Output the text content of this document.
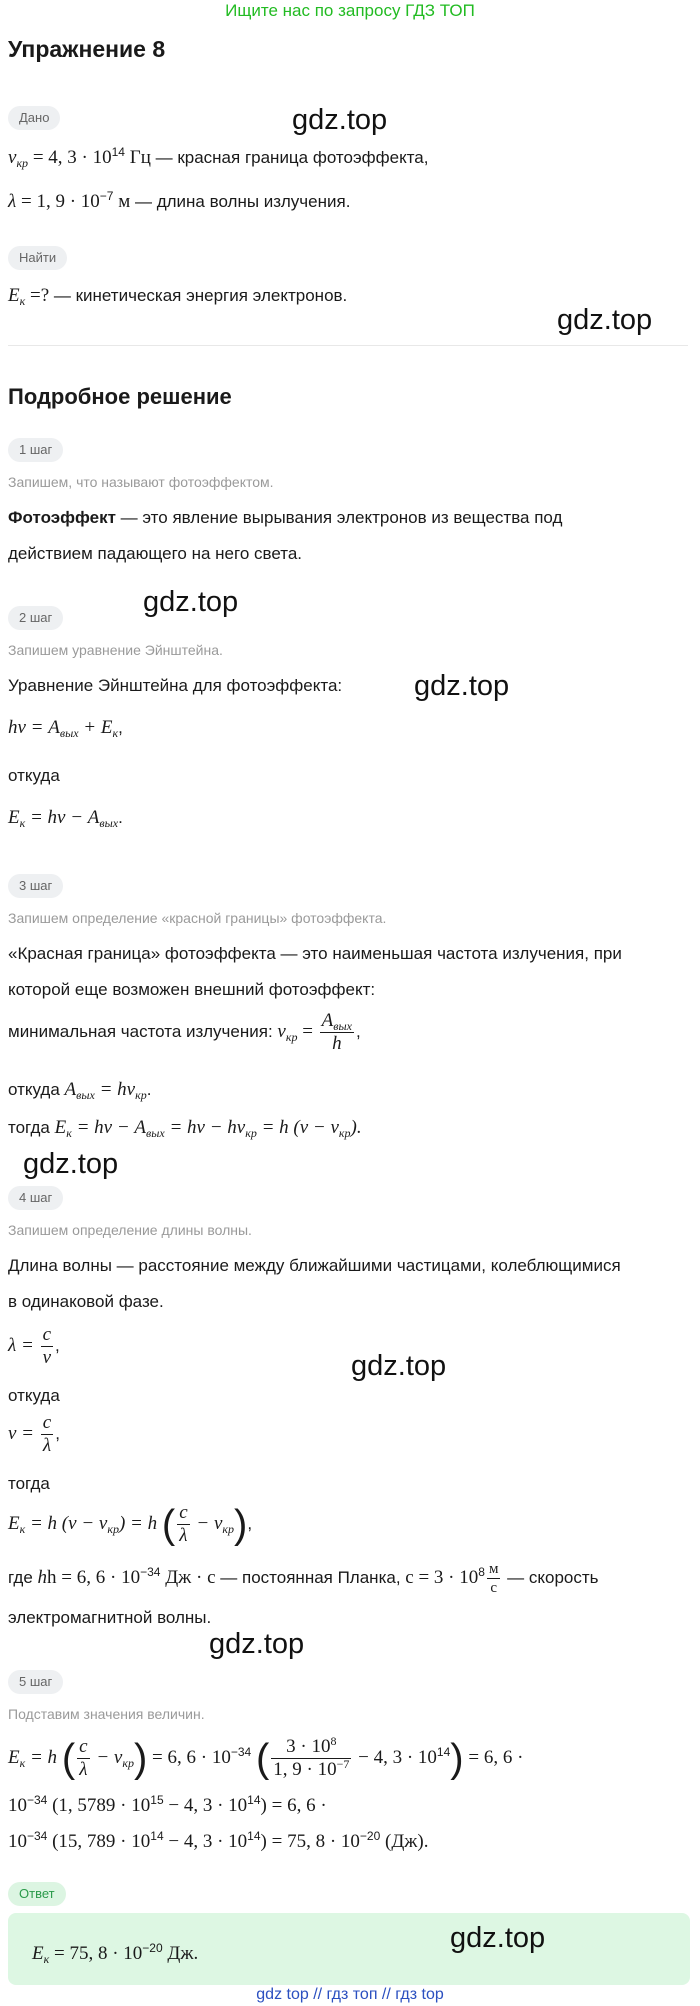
Ищите нас по запросу ГДЗ ТОП
Упражнение 8
Дано
$\nu_{кр} = 4$, $3 \cdot 10^{14}$ Гц — красная граница фотоэффекта,
λ = 1, $9 \cdot 10^{-7}$ м — длина волны излучения.
Найти
$E_к$ =? — кинетическая энергия электронов.
Подробное решение
1 шаг
Запишем, что называют фотоэффектом.
Фотоэффект — это явление вырывания электронов из вещества под
действием падающего на него света.
2 шаг
Запишем уравнение Эйнштейна.
Уравнение Эйнштейна для фотоэффекта:
$h\nu = A_{вых} + E_к$,
откуда
$E_к = h\nu - A_{вых}$.
3 шаг
Запишем определение «красной границы» фотоэффекта.
«Красная граница» фотоэффекта — это наименьшая частота излучения, при
которой еще возможен внешний фотоэффект:
минимальная частота излучения: $\nu_{кр} = \frac{A_{вых}}{h}$ ,
откуда $A_{вых} = h\nu_{кр}$.
тогда $E_к = h\nu - A_{вых} = h\nu - h\nu_{кр} = h$ $(\nu - \nu_{кр})$.
4 шаг
Запишем определение длины волны.
Длина волны — расстояние между ближайшими частицами, колеблющимися
в одинаковой фазе.
$\lambda = \frac{c}{\nu}$ ,
откуда
$\nu = \frac{c}{\lambda}$ ,
тогда
$E_к = h$ $(\nu - \nu_{кр}) = h$ ( $\frac{c}{\lambda} - \nu_{кр}$),
где hh = 6, $6 \cdot 10^{-34}$ Дж · с — постоянная Планка, $c = 3 \cdot 10^8 \frac{м}{с}$ — скорость
электромагнитной волны.
5 шаг
Подставим значения величин.
$E_к = h$ ( $\frac{c}{\lambda} - \nu_{кр}) = 6$, $6 \cdot 10^{-34}$ ( $\frac{3 \cdot 10^8}{1, 9 \cdot 10^{-7}} - 4$, $3 \cdot 10^{14}) = 6$, 6 ·
$10^{-34}$ (1, $5789 \cdot 10^{15} - 4$, $3 \cdot 10^{14}) = 6$, 6 ·
$10^{-34}$ (15, $789 \cdot 10^{14} - 4$, $3 \cdot 10^{14}) = 75$, $8 \cdot 10^{-20}$ (Дж).
Ответ
$E_к = 75$, $8 \cdot 10^{-20}$ Дж.
gdz.top
gdz.top
gdz.top
gdz.top
gdz.top
gdz.top
gdz.top
gdz.top
gdz top // гдз топ // гдз top
